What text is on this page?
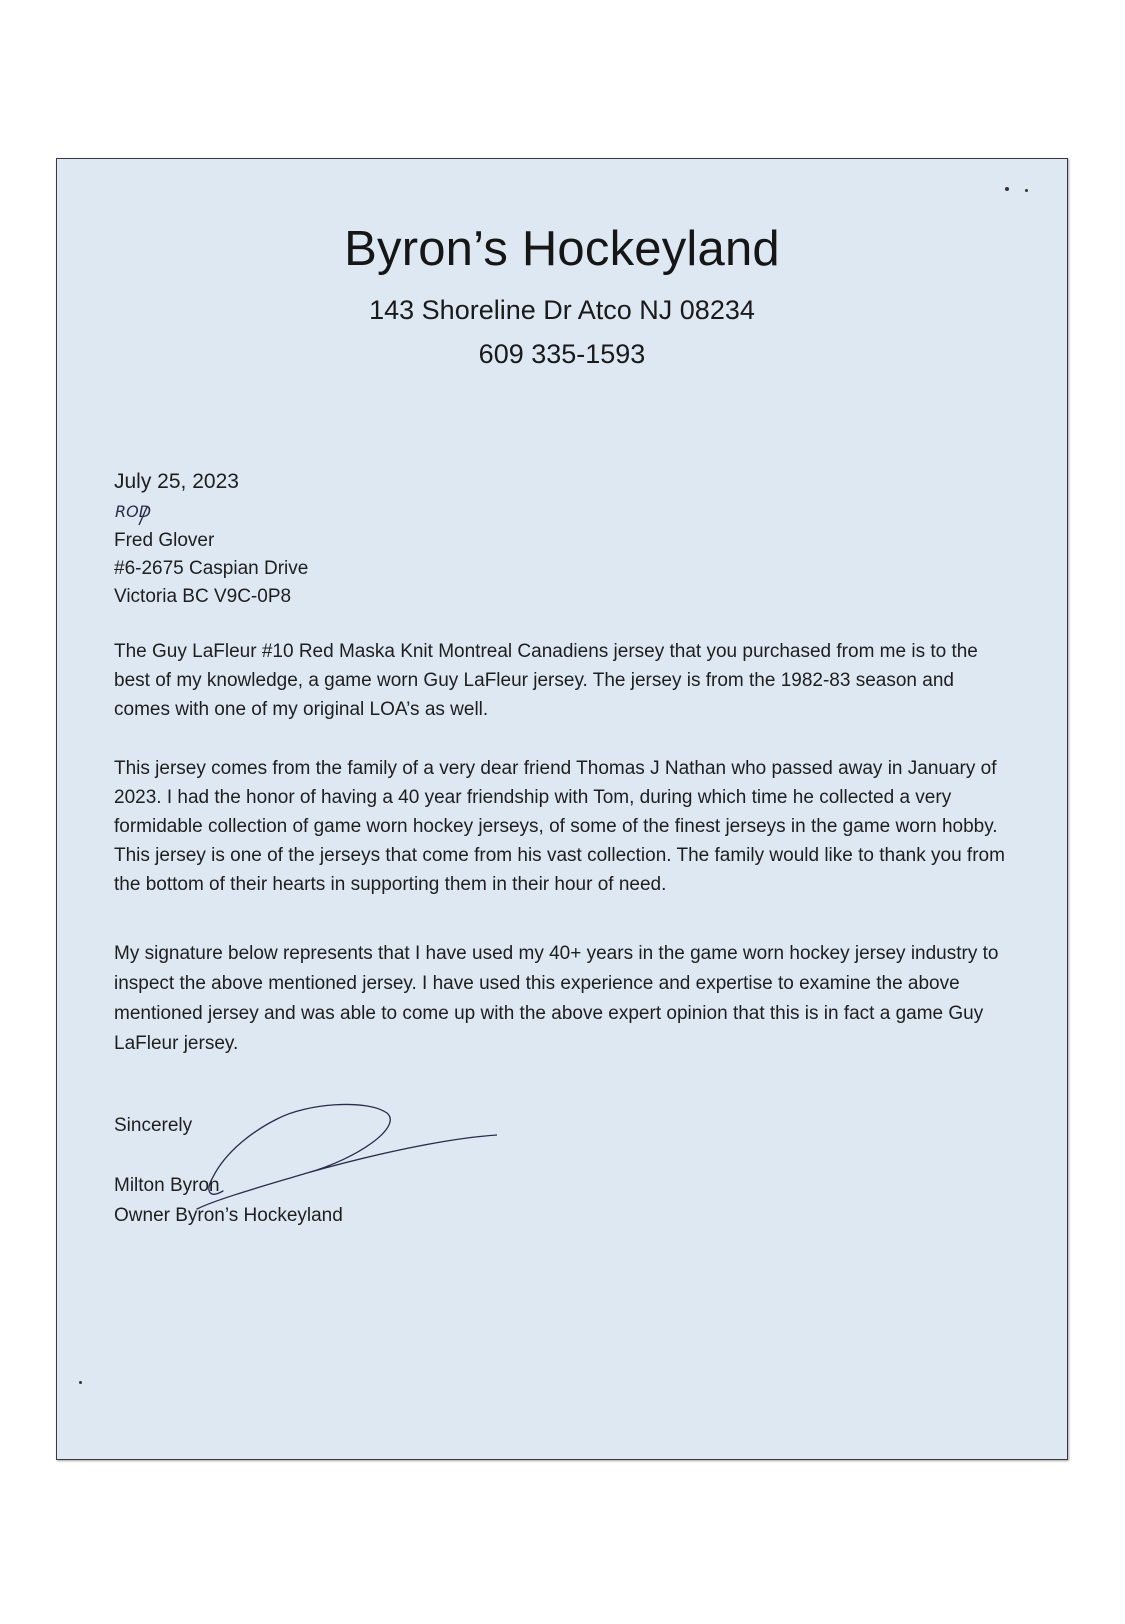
Byron’s Hockeyland
143 Shoreline Dr Atco NJ 08234
609 335-1593
July 25, 2023
ROD
Fred Glover
#6-2675 Caspian Drive
Victoria BC V9C-0P8
The Guy LaFleur #10 Red Maska Knit Montreal Canadiens jersey that you purchased from me is to the best of my knowledge, a game worn Guy LaFleur jersey. The jersey is from the 1982-83 season and comes with one of my original LOA’s as well.
This jersey comes from the family of a very dear friend Thomas J Nathan who passed away in January of 2023. I had the honor of having a 40 year friendship with Tom, during which time he collected a very formidable collection of game worn hockey jerseys, of some of the finest jerseys in the game worn hobby. This jersey is one of the jerseys that come from his vast collection. The family would like to thank you from the bottom of their hearts in supporting them in their hour of need.
My signature below represents that I have used my 40+ years in the game worn hockey jersey industry to inspect the above mentioned jersey. I have used this experience and expertise to examine the above mentioned jersey and was able to come up with the above expert opinion that this is in fact a game Guy LaFleur jersey.
Sincerely
Milton Byron
Owner Byron’s Hockeyland
